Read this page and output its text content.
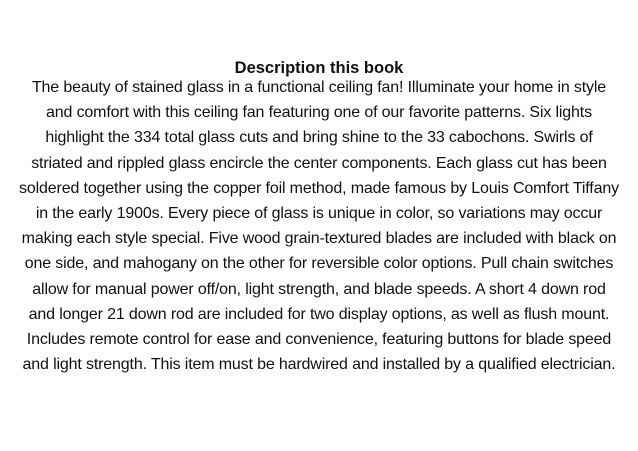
Description this book
The beauty of stained glass in a functional ceiling fan! Illuminate your home in style
and comfort with this ceiling fan featuring one of our favorite patterns. Six lights
highlight the 334 total glass cuts and bring shine to the 33 cabochons. Swirls of
striated and rippled glass encircle the center components. Each glass cut has been
soldered together using the copper foil method, made famous by Louis Comfort Tiffany
in the early 1900s. Every piece of glass is unique in color, so variations may occur
making each style special. Five wood grain-textured blades are included with black on
one side, and mahogany on the other for reversible color options. Pull chain switches
allow for manual power off/on, light strength, and blade speeds. A short 4 down rod
and longer 21 down rod are included for two display options, as well as flush mount.
Includes remote control for ease and convenience, featuring buttons for blade speed
and light strength. This item must be hardwired and installed by a qualified electrician.
